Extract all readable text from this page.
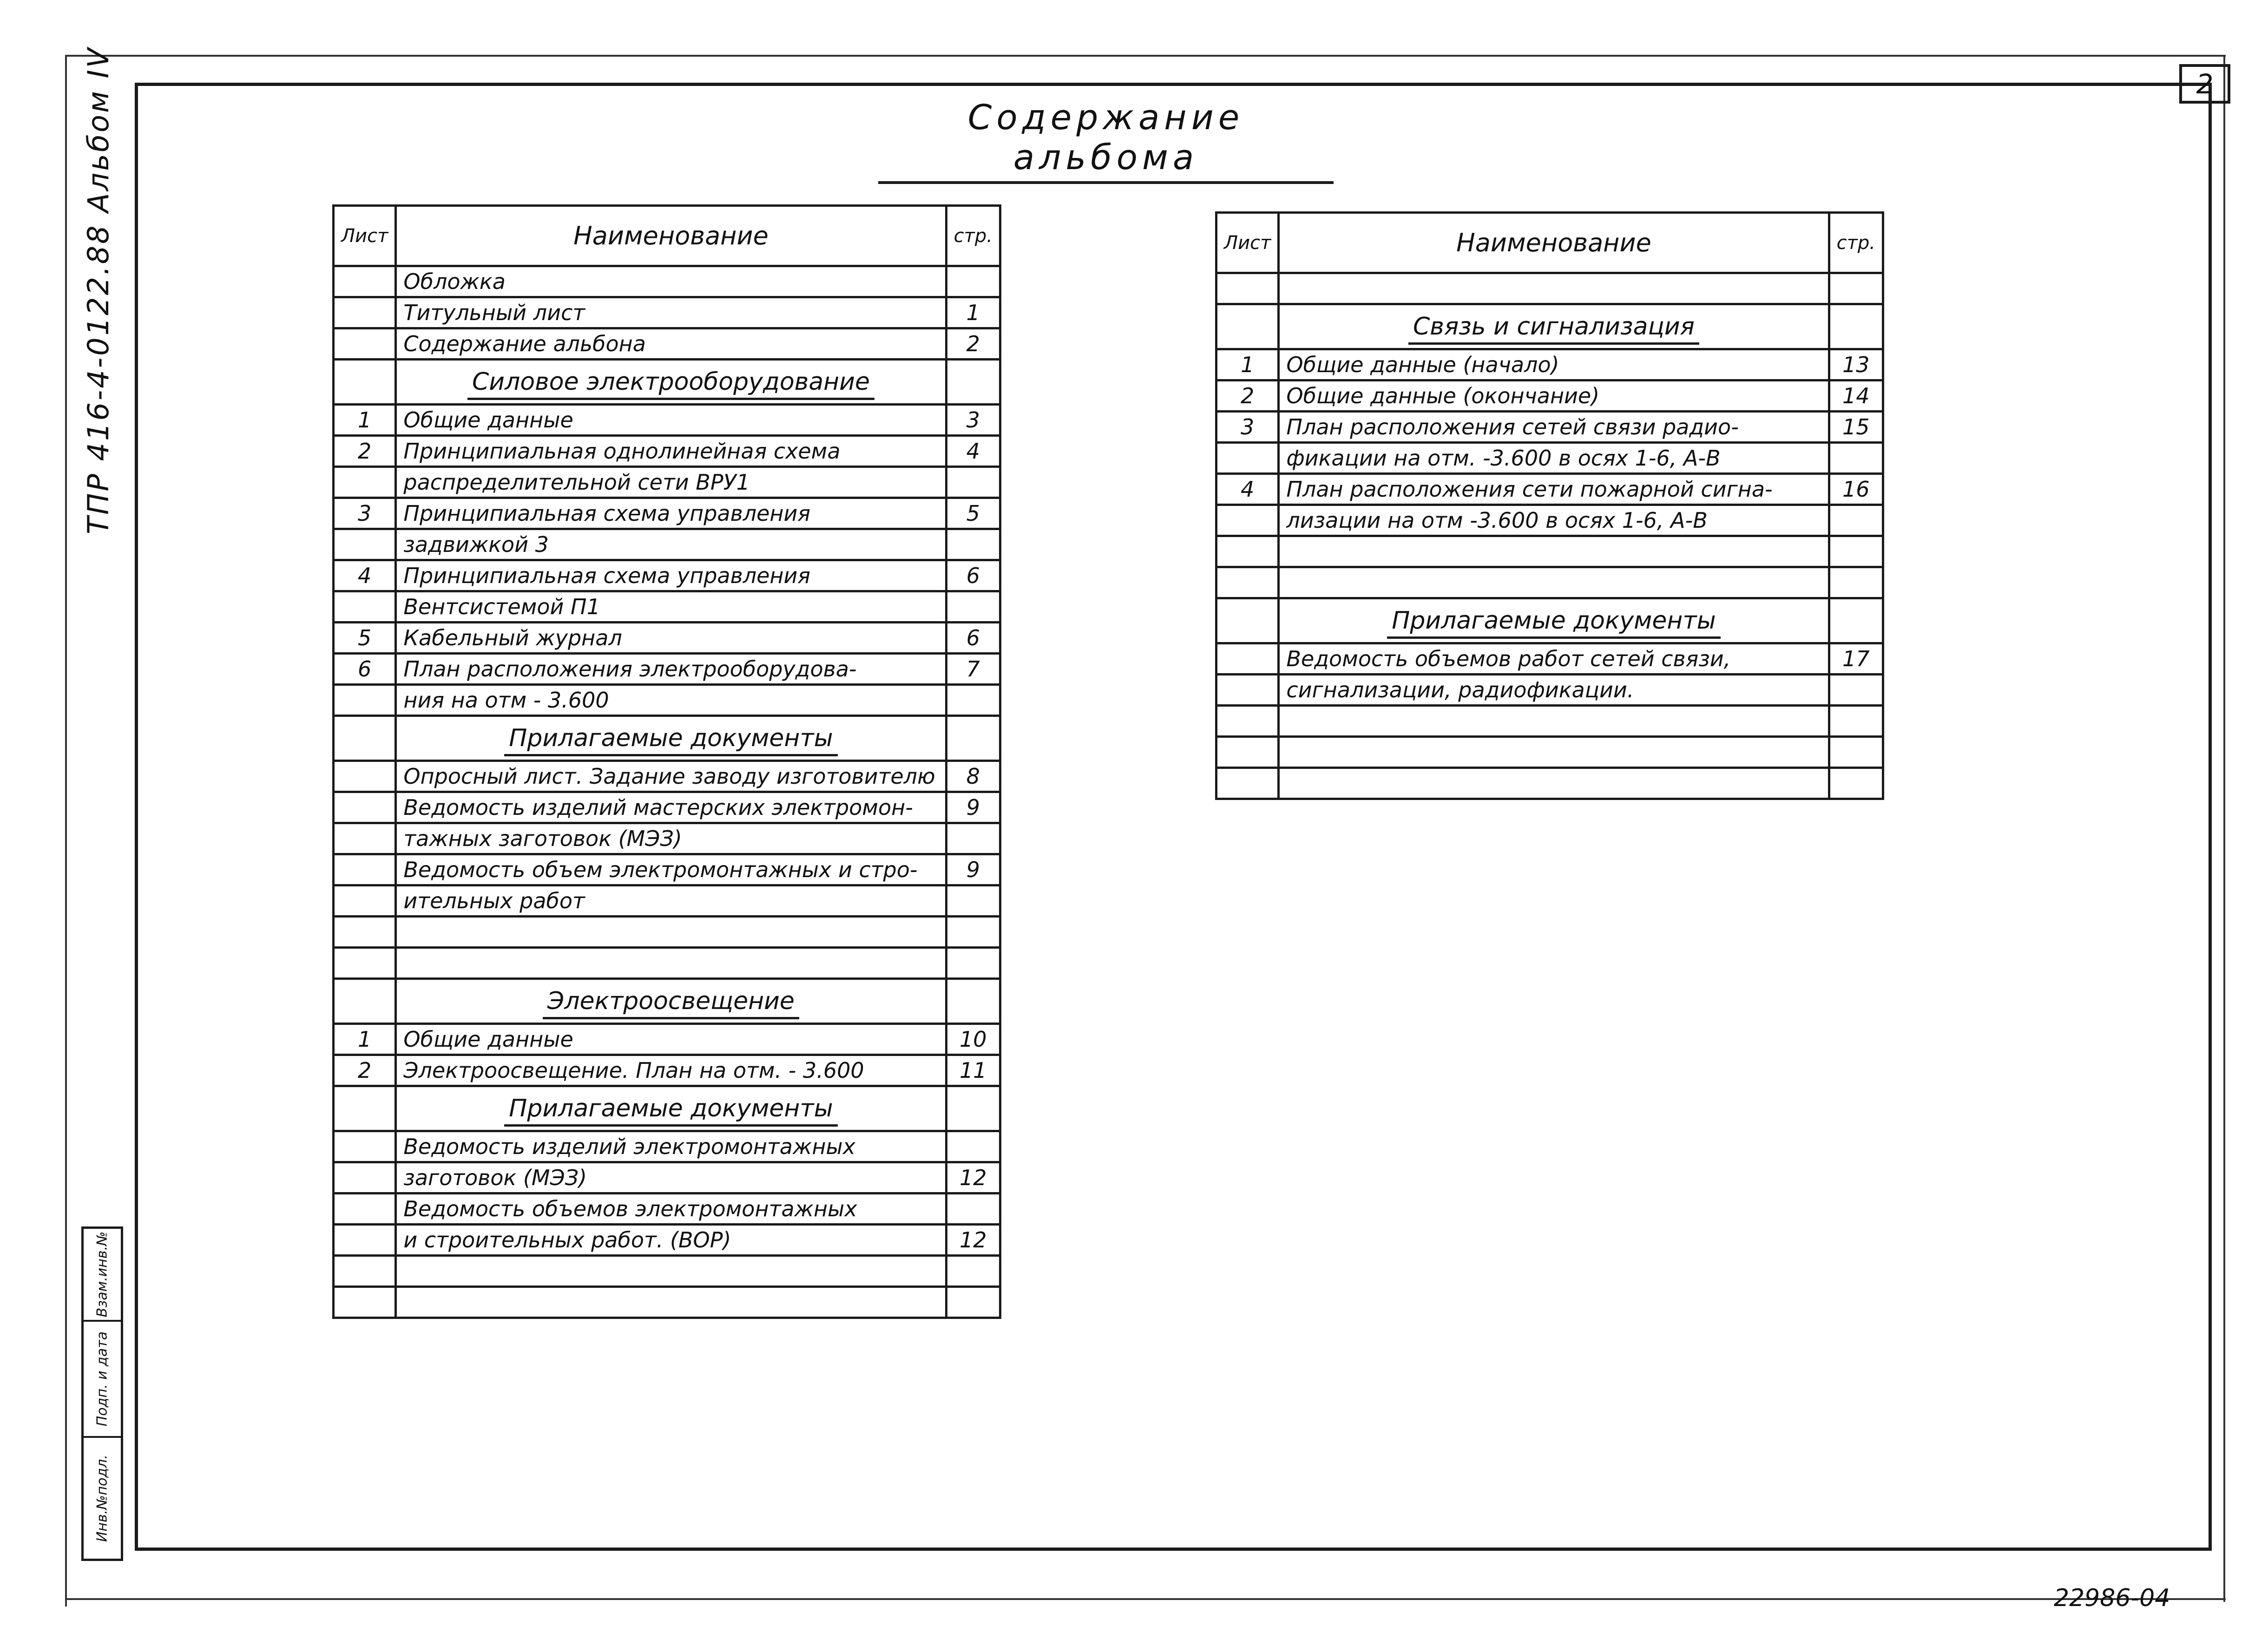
2
Содержание альбома
ТПР 416-4-0122.88 Альбом IV
Взам.инв.№
Подп. и дата
Инв.№подл.
22986-04
Лист	Наименование	стр.
	Обложка	
	Титульный лист	1
	Содержание альбона	2
	Силовое электрооборудование	
1	Общие данные	3
2	Принципиальная однолинейная схема	4
	распределительной сети ВРУ1	
3	Принципиальная схема управления	5
	задвижкой 3	
4	Принципиальная схема управления	6
	Вентсистемой П1	
5	Кабельный журнал	6
6	План расположения электрооборудова-	7
	ния на отм - 3.600	
	Прилагаемые документы	
	Опросный лист. Задание заводу изготовителю	8
	Ведомость изделий мастерских электромон-	9
	тажных заготовок (МЭЗ)	
	Ведомость объем электромонтажных и стро-	9
	ительных работ	

	Электроосвещение	
1	Общие данные	10
2	Электроосвещение. План на отм. - 3.600	11
	Прилагаемые документы	
	Ведомость изделий электромонтажных	
	заготовок (МЭЗ)	12
	Ведомость объемов электромонтажных	
	и строительных работ. (ВОР)	12

Лист	Наименование	стр.

	Связь и сигнализация	
1	Общие данные (начало)	13
2	Общие данные (окончание)	14
3	План расположения сетей связи радио-	15
	фикации на отм. -3.600 в осях 1-6, А-В	
4	План расположения сети пожарной сигна-	16
	лизации на отм -3.600 в осях 1-6, А-В	

	Прилагаемые документы	
	Ведомость объемов работ сетей связи,	17
	сигнализации, радиофикации.	
